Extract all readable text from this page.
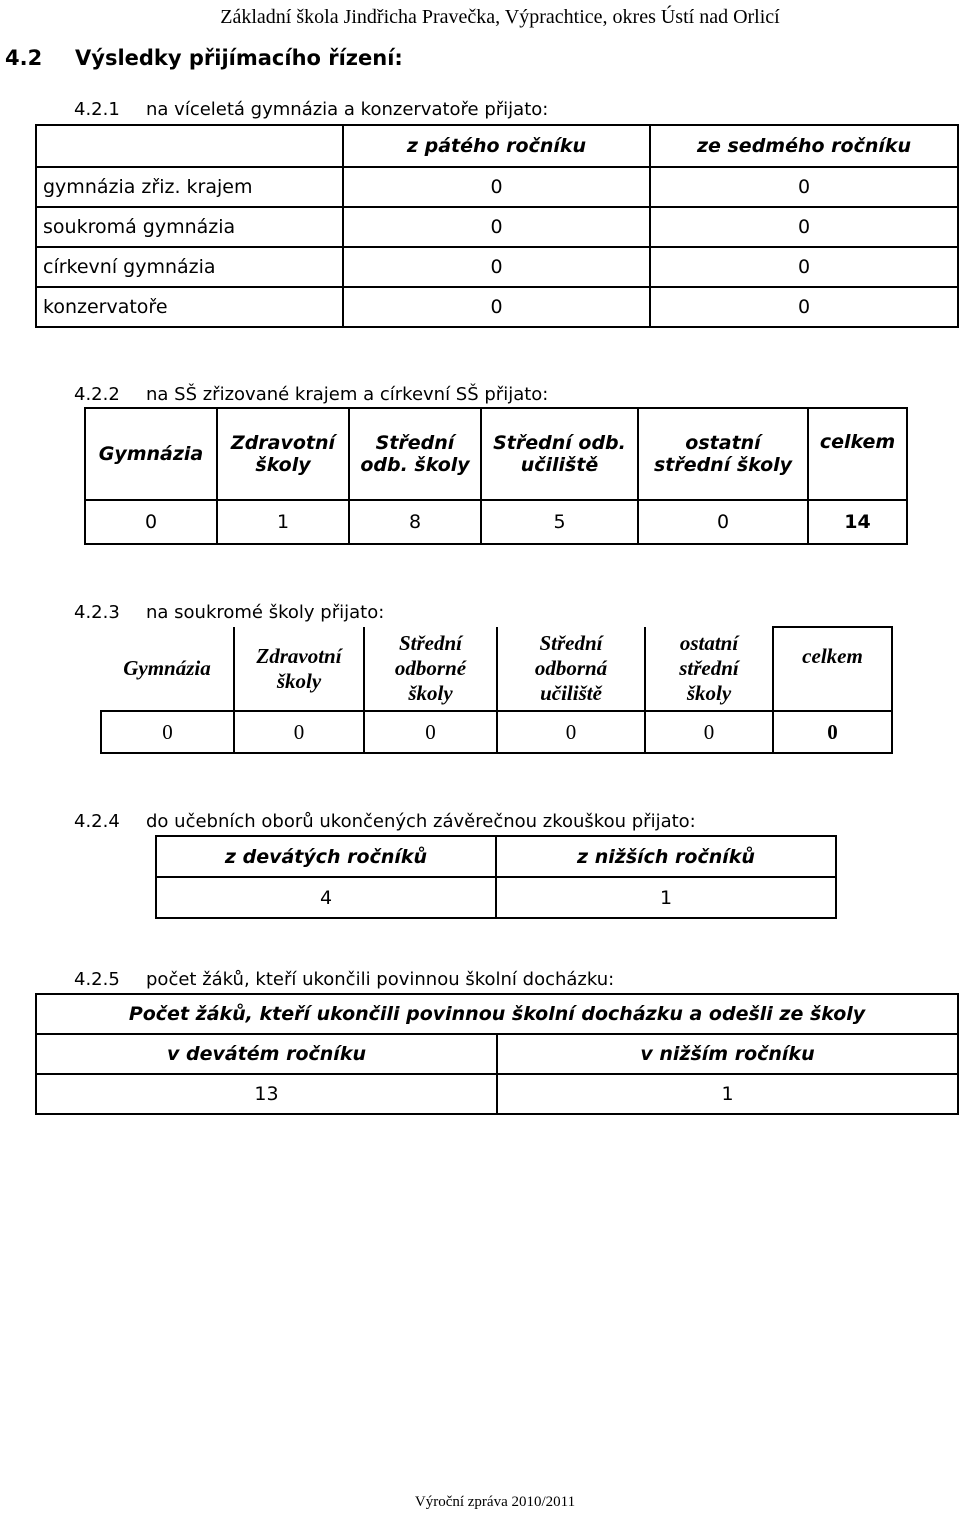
Základní škola Jindřicha Pravečka, Výprachtice, okres Ústí nad Orlicí
4.2 Výsledky přijímacího řízení:
4.2.1 na víceletá gymnázia a konzervatoře přijato:
	z pátého ročníku	ze sedmého ročníku
gymnázia zřiz. krajem	0	0
soukromá gymnázia	0	0
církevní gymnázia	0	0
konzervatoře	0	0
4.2.2 na SŠ zřizované krajem a církevní SŠ přijato:
Gymnázia	Zdravotní školy	Střední odb. školy	Střední odb. učiliště	ostatní střední školy	celkem
0	1	8	5	0	14
4.2.3 na soukromé školy přijato:
Gymnázia	Zdravotní školy	Střední odborné školy	Střední odborná učiliště	ostatní střední školy	celkem
0	0	0	0	0	0
4.2.4 do učebních oborů ukončených závěrečnou zkouškou přijato:
z devátých ročníků	z nižších ročníků
4	1
4.2.5 počet žáků, kteří ukončili povinnou školní docházku:
Počet žáků, kteří ukončili povinnou školní docházku a odešli ze školy	
v devátém ročníku	v nižším ročníku
13	1
Výroční zpráva 2010/2011
